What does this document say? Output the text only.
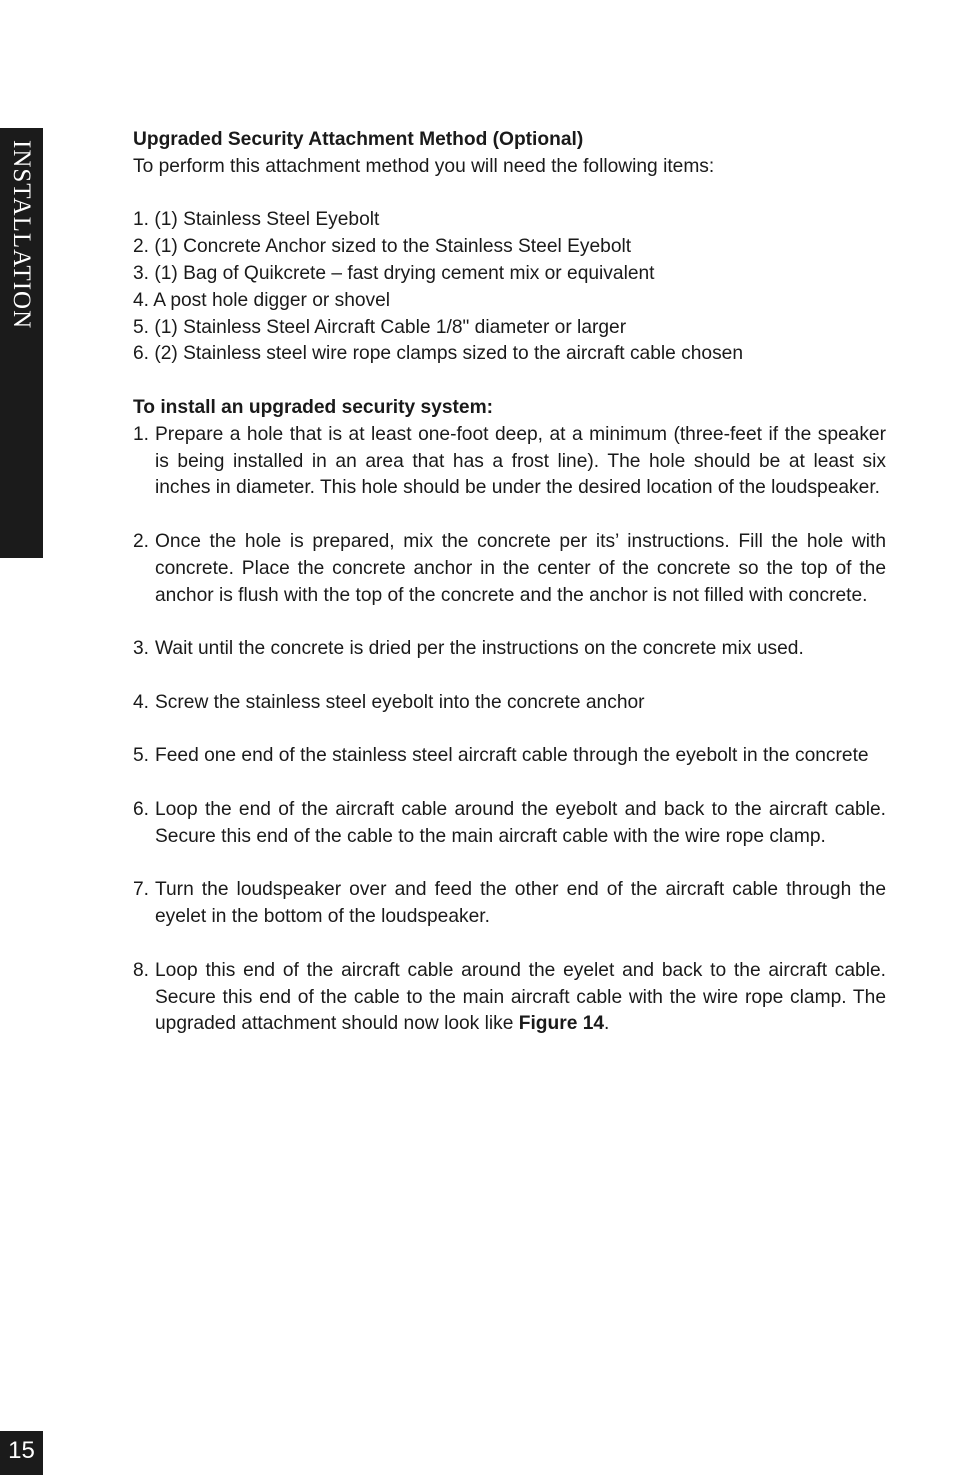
INSTALLATION

Upgraded Security Attachment Method (Optional)

To perform this attachment method you will need the following items:

1. (1) Stainless Steel Eyebolt
2. (1) Concrete Anchor sized to the Stainless Steel Eyebolt
3. (1) Bag of Quikcrete – fast drying cement mix or equivalent
4. A post hole digger or shovel
5. (1) Stainless Steel Aircraft Cable 1/8" diameter or larger
6. (2) Stainless steel wire rope clamps sized to the aircraft cable chosen

To install an upgraded security system:

1. Prepare a hole that is at least one-foot deep, at a minimum (three-feet if the speaker is being installed in an area that has a frost line). The hole should be at least six inches in diameter. This hole should be under the desired location of the loudspeaker.
2. Once the hole is prepared, mix the concrete per its’ instructions. Fill the hole with concrete. Place the concrete anchor in the center of the concrete so the top of the anchor is flush with the top of the concrete and the anchor is not filled with concrete.
3. Wait until the concrete is dried per the instructions on the concrete mix used.
4. Screw the stainless steel eyebolt into the concrete anchor
5. Feed one end of the stainless steel aircraft cable through the eyebolt in the concrete
6. Loop the end of the aircraft cable around the eyebolt and back to the aircraft cable. Secure this end of the cable to the main aircraft cable with the wire rope clamp.
7. Turn the loudspeaker over and feed the other end of the aircraft cable through the eyelet in the bottom of the loudspeaker.
8. Loop this end of the aircraft cable around the eyelet and back to the aircraft cable. Secure this end of the cable to the main aircraft cable with the wire rope clamp. The upgraded attachment should now look like Figure 14.
15
